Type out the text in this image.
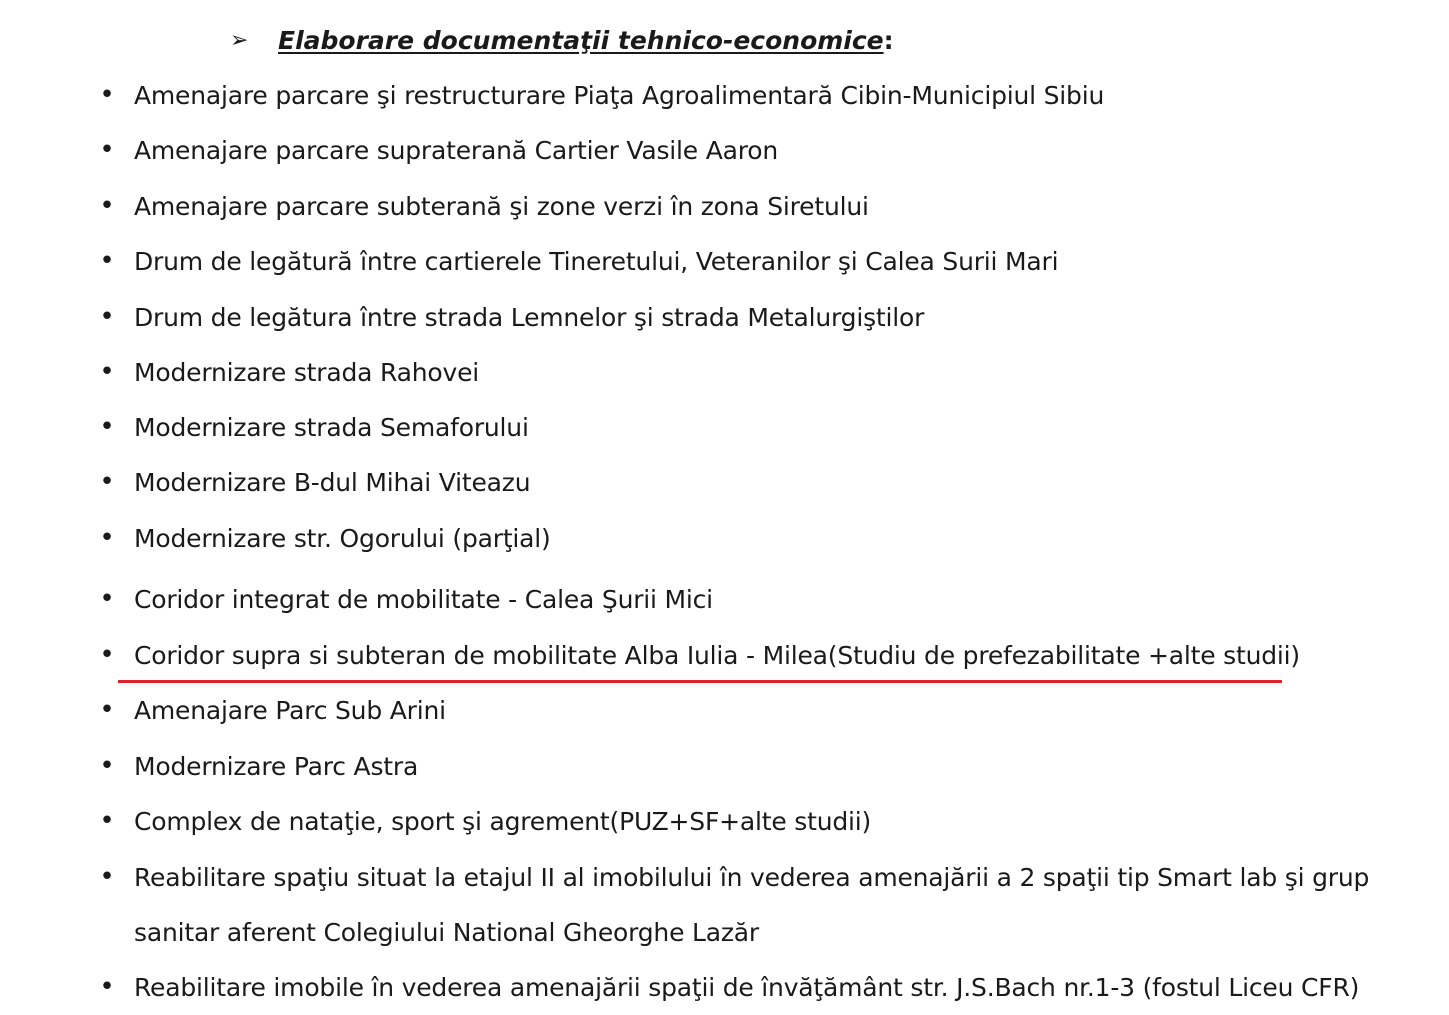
➢	Elaborare documentaţii tehnico-economice :
• Amenajare parcare şi restructurare Piaţa Agroalimentară Cibin-Municipiul Sibiu
• Amenajare parcare supraterană Cartier Vasile Aaron
• Amenajare parcare subterană şi zone verzi în zona Siretului
• Drum de legătură între cartierele Tineretului, Veteranilor şi Calea Surii Mari
• Drum de legătura între strada Lemnelor şi strada Metalurgiştilor
• Modernizare strada Rahovei
• Modernizare strada Semaforului
• Modernizare B-dul Mihai Viteazu
• Modernizare str. Ogorului (parţial)
• Coridor integrat de mobilitate - Calea Şurii Mici
• Coridor supra si subteran de mobilitate Alba Iulia - Milea(Studiu de prefezabilitate +alte studii)
• Amenajare Parc Sub Arini
• Modernizare Parc Astra
• Complex de nataţie, sport şi agrement(PUZ+SF+alte studii)
• Reabilitare spaţiu situat la etajul II al imobilului în vederea amenajării a 2 spaţii tip Smart lab şi grup sanitar aferent Colegiului National Gheorghe Lazăr
• Reabilitare imobile în vederea amenajării spaţii de învăţământ str. J.S.Bach nr.1-3 (fostul Liceu CFR)
